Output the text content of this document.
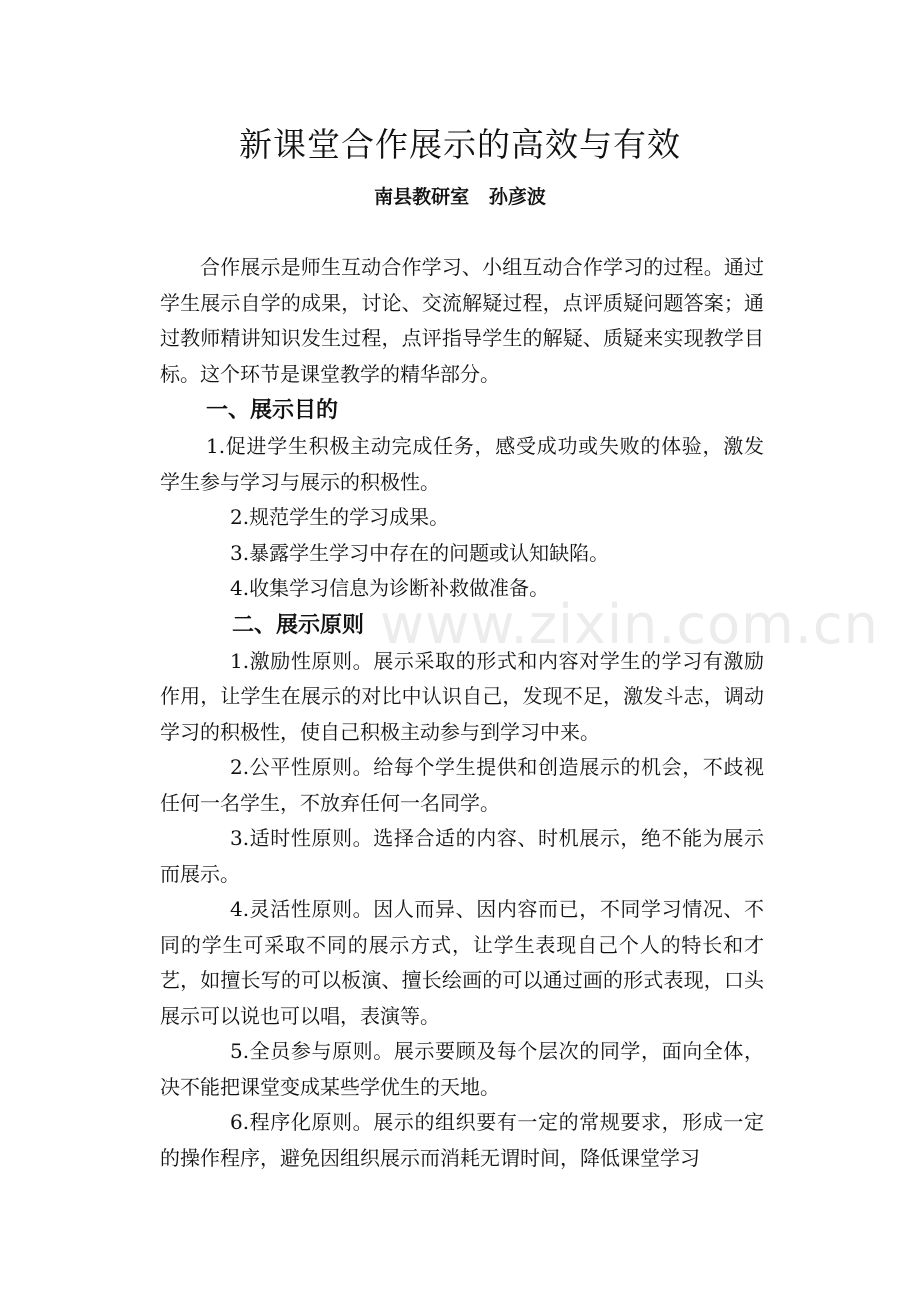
新课堂合作展示的高效与有效
南县教研室   孙彦波

合作展示是师生互动合作学习、小组互动合作学习的过程。通过学生展示自学的成果，讨论、交流解疑过程，点评质疑问题答案；通过教师精讲知识发生过程，点评指导学生的解疑、质疑来实现教学目标。这个环节是课堂教学的精华部分。

一、展示目的

1.促进学生积极主动完成任务，感受成功或失败的体验，激发学生参与学习与展示的积极性。

2.规范学生的学习成果。

3.暴露学生学习中存在的问题或认知缺陷。

4.收集学习信息为诊断补救做准备。

二、展示原则

1.激励性原则。展示采取的形式和内容对学生的学习有激励作用，让学生在展示的对比中认识自己，发现不足，激发斗志，调动学习的积极性，使自己积极主动参与到学习中来。

2.公平性原则。给每个学生提供和创造展示的机会，不歧视任何一名学生，不放弃任何一名同学。

3.适时性原则。选择合适的内容、时机展示，绝不能为展示而展示。

4.灵活性原则。因人而异、因内容而已，不同学习情况、不同的学生可采取不同的展示方式，让学生表现自己个人的特长和才艺，如擅长写的可以板演、擅长绘画的可以通过画的形式表现，口头展示可以说也可以唱，表演等。

5.全员参与原则。展示要顾及每个层次的同学，面向全体，决不能把课堂变成某些学优生的天地。

6.程序化原则。展示的组织要有一定的常规要求，形成一定的操作程序，避免因组织展示而消耗无谓时间，降低课堂学习

www.zixin.com.cn
